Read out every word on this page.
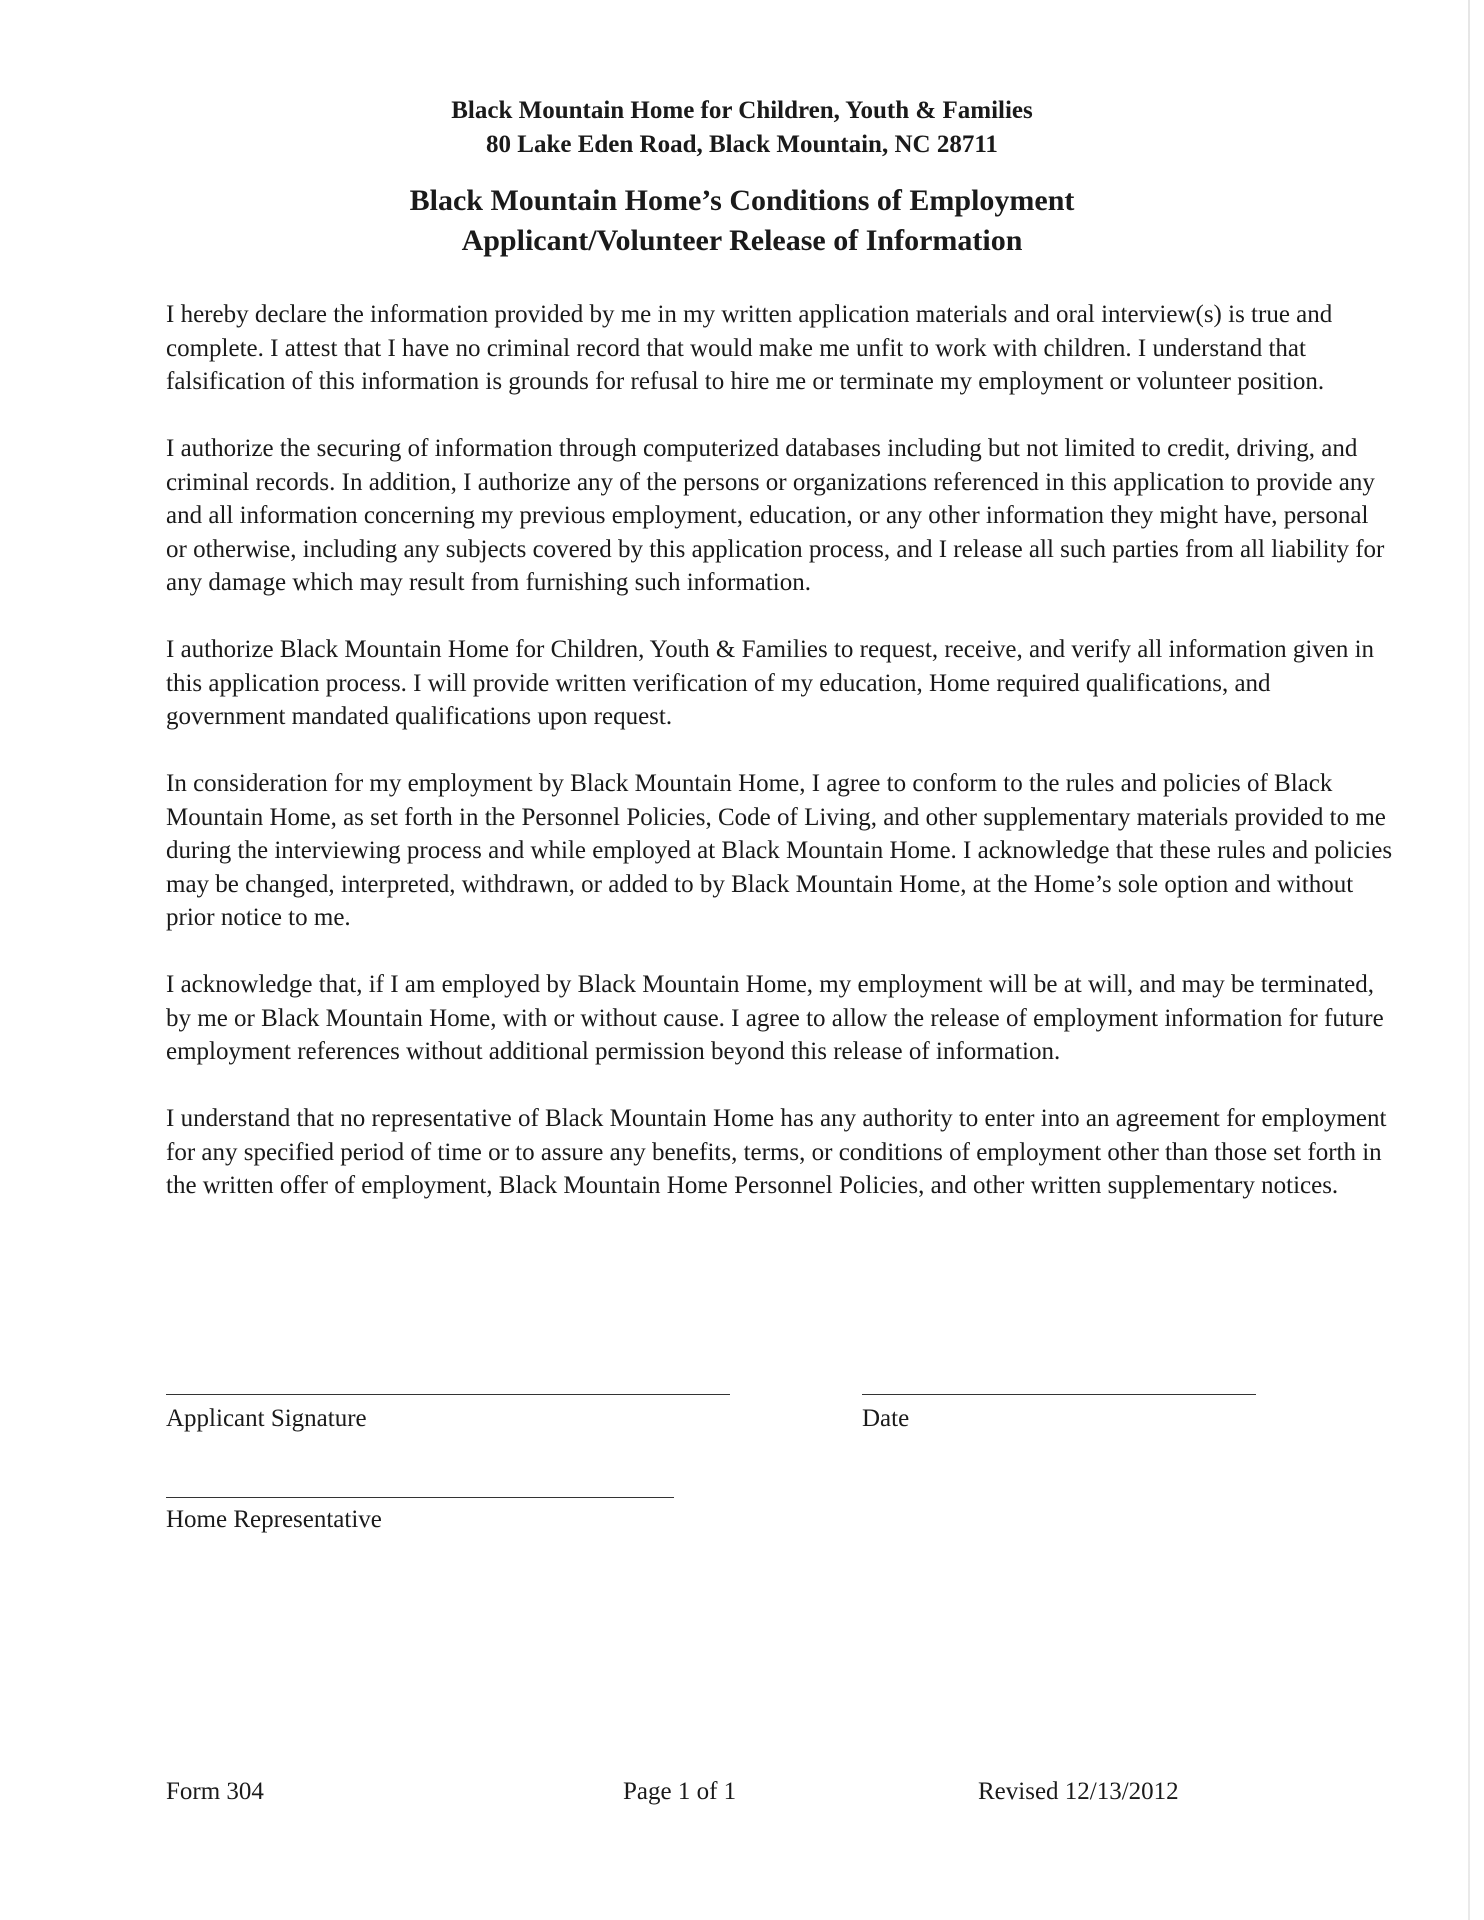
Black Mountain Home for Children, Youth & Families
80 Lake Eden Road, Black Mountain, NC 28711
Black Mountain Home’s Conditions of Employment
Applicant/Volunteer Release of Information

I hereby declare the information provided by me in my written application materials and oral interview(s) is true and complete. I attest that I have no criminal record that would make me unfit to work with children. I understand that falsification of this information is grounds for refusal to hire me or terminate my employment or volunteer position.

I authorize the securing of information through computerized databases including but not limited to credit, driving, and criminal records. In addition, I authorize any of the persons or organizations referenced in this application to provide any and all information concerning my previous employment, education, or any other information they might have, personal or otherwise, including any subjects covered by this application process, and I release all such parties from all liability for any damage which may result from furnishing such information.

I authorize Black Mountain Home for Children, Youth & Families to request, receive, and verify all information given in this application process. I will provide written verification of my education, Home required qualifications, and government mandated qualifications upon request.

In consideration for my employment by Black Mountain Home, I agree to conform to the rules and policies of Black Mountain Home, as set forth in the Personnel Policies, Code of Living, and other supplementary materials provided to me during the interviewing process and while employed at Black Mountain Home. I acknowledge that these rules and policies may be changed, interpreted, withdrawn, or added to by Black Mountain Home, at the Home’s sole option and without prior notice to me.

I acknowledge that, if I am employed by Black Mountain Home, my employment will be at will, and may be terminated, by me or Black Mountain Home, with or without cause. I agree to allow the release of employment information for future employment references without additional permission beyond this release of information.

I understand that no representative of Black Mountain Home has any authority to enter into an agreement for employment for any specified period of time or to assure any benefits, terms, or conditions of employment other than those set forth in the written offer of employment, Black Mountain Home Personnel Policies, and other written supplementary notices.

Applicant Signature	Date
Home Representative
Form 304	Page 1 of 1	Revised 12/13/2012
